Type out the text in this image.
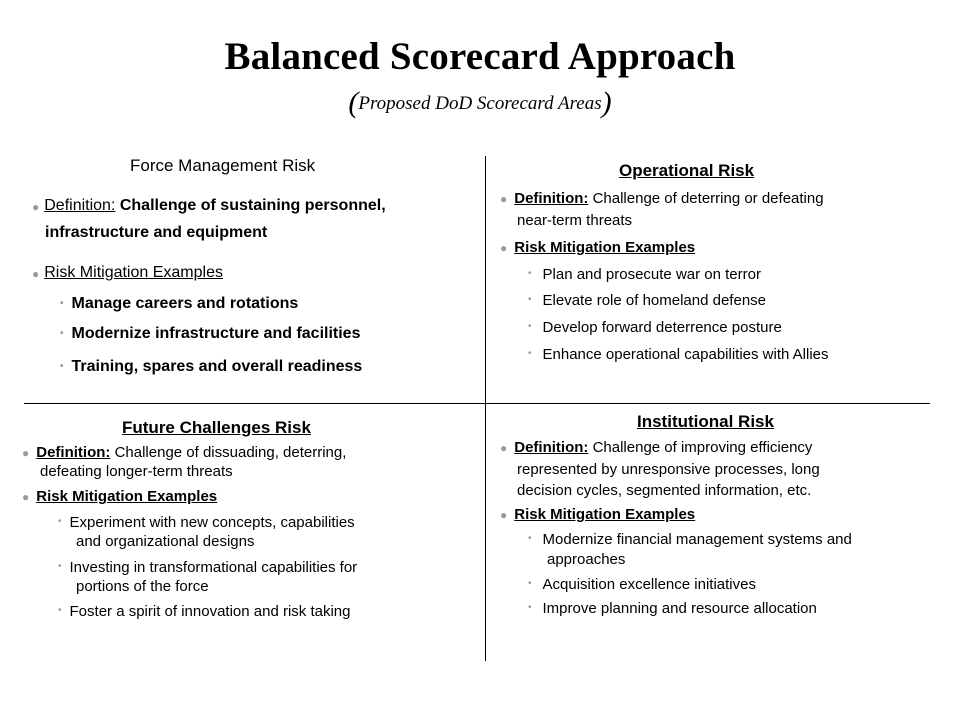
Balanced Scorecard Approach
(Proposed DoD Scorecard Areas)
Force Management Risk
● Definition: Challenge of sustaining personnel,
infrastructure and equipment
● Risk Mitigation Examples
• Manage careers and rotations
• Modernize infrastructure and facilities
• Training, spares and overall readiness
Operational Risk
● Definition: Challenge of deterring or defeating
near-term threats
● Risk Mitigation Examples
• Plan and prosecute war on terror
• Elevate role of homeland defense
• Develop forward deterrence posture
• Enhance operational capabilities with Allies
Future Challenges Risk
● Definition: Challenge of dissuading, deterring,
defeating longer-term threats
● Risk Mitigation Examples
• Experiment with new concepts, capabilities
and organizational designs
• Investing in transformational capabilities for
portions of the force
• Foster a spirit of innovation and risk taking
Institutional Risk
● Definition: Challenge of improving efficiency
represented by unresponsive processes, long
decision cycles, segmented information, etc.
● Risk Mitigation Examples
• Modernize financial management systems and
approaches
• Acquisition excellence initiatives
• Improve planning and resource allocation
